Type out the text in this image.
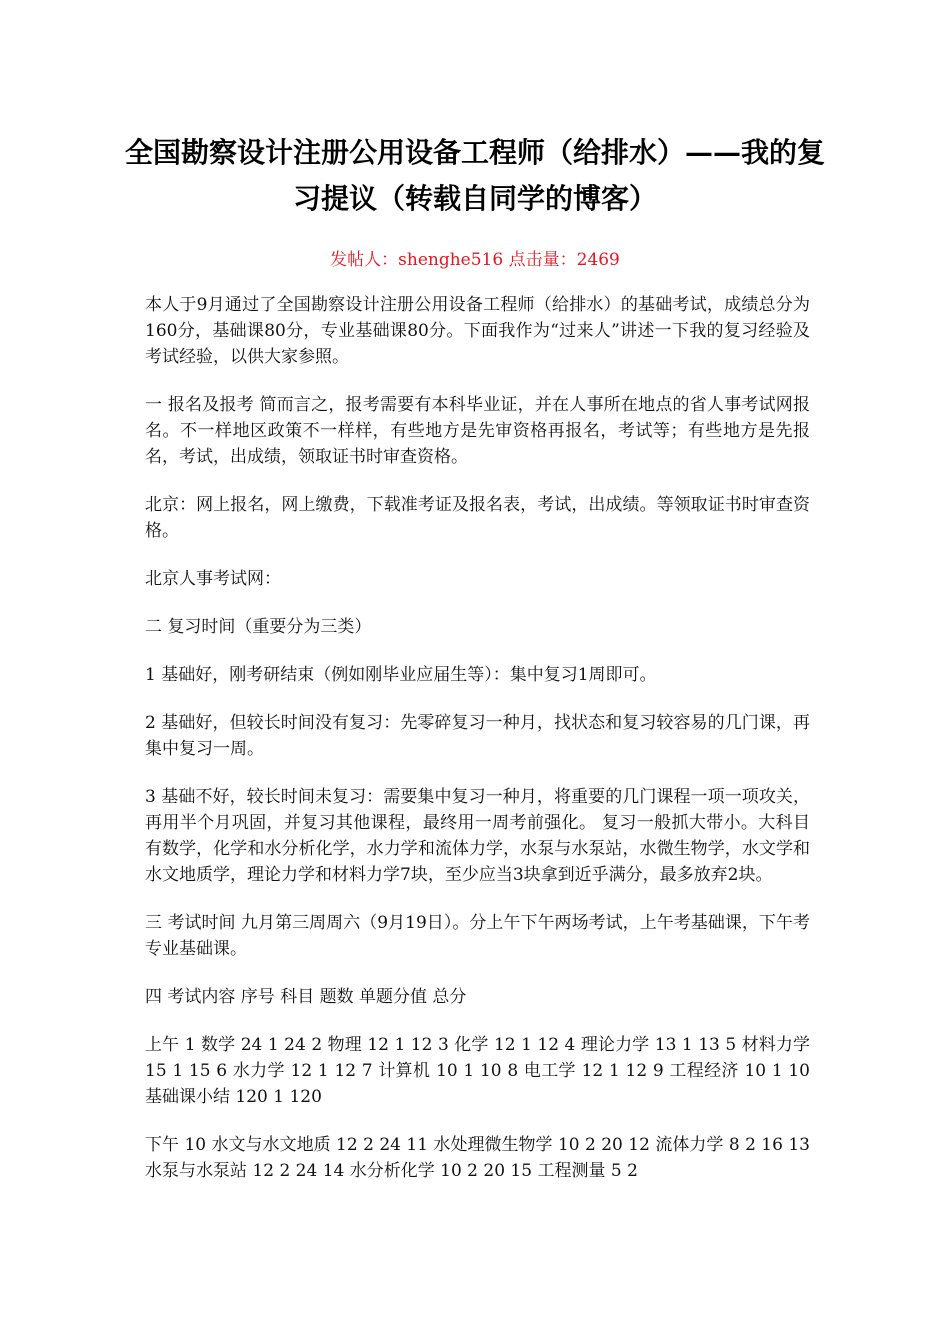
全国勘察设计注册公用设备工程师（给排水）——我的复习提议（转载自同学的博客）
发帖人：shenghe516 点击量：2469

本人于9月通过了全国勘察设计注册公用设备工程师（给排水）的基础考试，成绩总分为160分，基础课80分，专业基础课80分。下面我作为“过来人”讲述一下我的复习经验及考试经验，以供大家参照。

一 报名及报考 简而言之，报考需要有本科毕业证，并在人事所在地点的省人事考试网报名。不一样地区政策不一样样，有些地方是先审资格再报名，考试等；有些地方是先报名，考试，出成绩，领取证书时审查资格。

北京：网上报名，网上缴费，下载准考证及报名表，考试，出成绩。等领取证书时审查资格。

北京人事考试网：

二 复习时间（重要分为三类）

1 基础好，刚考研结束（例如刚毕业应届生等）：集中复习1周即可。

2 基础好，但较长时间没有复习：先零碎复习一种月，找状态和复习较容易的几门课，再集中复习一周。

3 基础不好，较长时间未复习：需要集中复习一种月，将重要的几门课程一项一项攻关，再用半个月巩固，并复习其他课程，最终用一周考前强化。 复习一般抓大带小。大科目有数学，化学和水分析化学，水力学和流体力学，水泵与水泵站，水微生物学，水文学和水文地质学，理论力学和材料力学7块，至少应当3块拿到近乎满分，最多放弃2块。

三 考试时间 九月第三周周六（9月19日）。分上午下午两场考试，上午考基础课，下午考专业基础课。

四 考试内容 序号 科目 题数 单题分值 总分

上午 1 数学 24 1 24 2 物理 12 1 12 3 化学 12 1 12 4 理论力学 13 1 13 5 材料力学 15 1 15 6 水力学 12 1 12 7 计算机 10 1 10 8 电工学 12 1 12 9 工程经济 10 1 10 基础课小结 120 1 120

下午 10 水文与水文地质 12 2 24 11 水处理微生物学 10 2 20 12 流体力学 8 2 16 13 水泵与水泵站 12 2 24 14 水分析化学 10 2 20 15 工程测量 5 2
